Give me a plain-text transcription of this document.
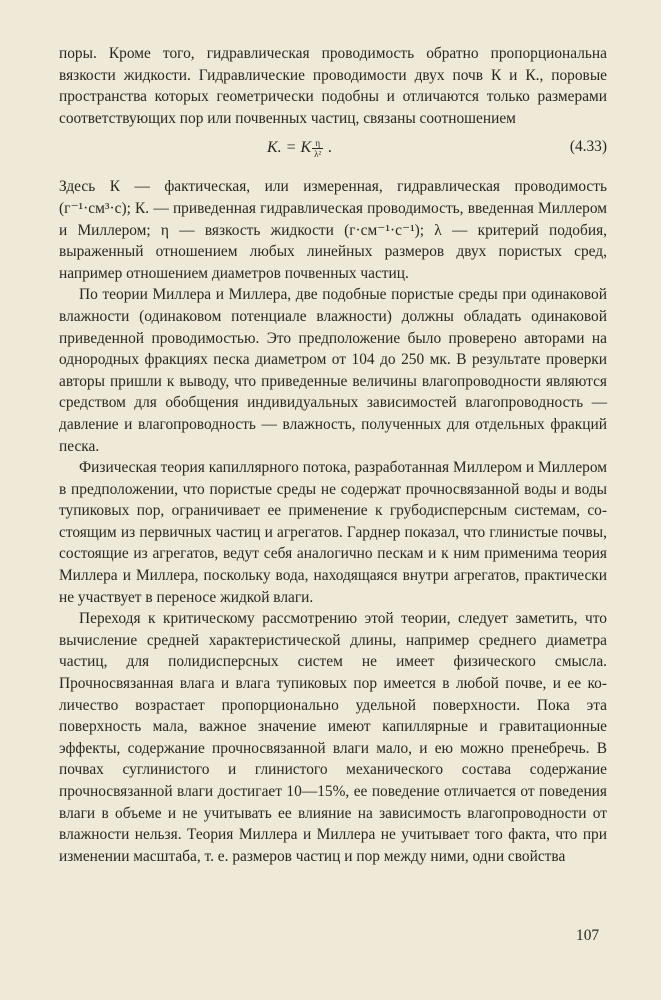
поры. Кроме того, гидравлическая проводимость обратно пропорциональна вязкости жидкости. Гидравлические проводимости двух почв К и К., поровые пространства которых геометрически подобны и отличаются только размерами соответствующих пор или почвенных частиц, связаны соотношением

K. = K $\frac{\eta}{\text{λ²}}$ .	(4.33)

Здесь К — фактическая, или измеренная, гидравлическая проводимость (г⁻¹·см³·с); К. — приведенная гидравлическая проводимость, введенная Миллером и Миллером; η — вязкость жидкости (г·см⁻¹·с⁻¹); λ — критерий подобия, выраженный отношением любых линейных размеров двух пористых сред, например отношением диаметров почвенных частиц.

По теории Миллера и Миллера, две подобные пористые среды при одинаковой влажности (одинаковом потенциале влажности) должны обладать одинаковой приведенной проводимостью. Это предположение было проверено авторами на однородных фракциях песка диаметром от 104 до 250 мк. В результате проверки авторы пришли к выводу, что приведенные величины влагопроводности являются средством для обобщения индивидуальных зависимостей влагопроводность — давление и влагопроводность — влажность, полученных для отдельных фракций песка.

Физическая теория капиллярного потока, разработанная Миллером и Миллером в предположении, что пористые среды не содержат прочносвязанной воды и воды тупиковых пор, ограничивает ее применение к грубодисперсным системам, состоящим из первичных частиц и агрегатов. Гарднер показал, что глинистые почвы, состоящие из агрегатов, ведут себя аналогично пескам и к ним применима теория Миллера и Миллера, поскольку вода, находящаяся внутри агрегатов, практически не участвует в переносе жидкой влаги.

Переходя к критическому рассмотрению этой теории, следует заметить, что вычисление средней характеристической длины, например среднего диаметра частиц, для полидисперсных систем не имеет физического смысла. Прочносвязанная влага и влага тупиковых пор имеется в любой почве, и ее количество возрастает пропорционально удельной поверхности. Пока эта поверхность мала, важное значение имеют капиллярные и гравитационные эффекты, содержание прочносвязанной влаги мало, и ею можно пренебречь. В почвах суглинистого и глинистого механического состава содержание прочносвязанной влаги достигает 10—15%, ее поведение отличается от поведения влаги в объеме и не учитывать ее влияние на зависимость влагопроводности от влажности нельзя. Теория Миллера и Миллера не учитывает того факта, что при изменении масштаба, т. е. размеров частиц и пор между ними, одни свойства

107
